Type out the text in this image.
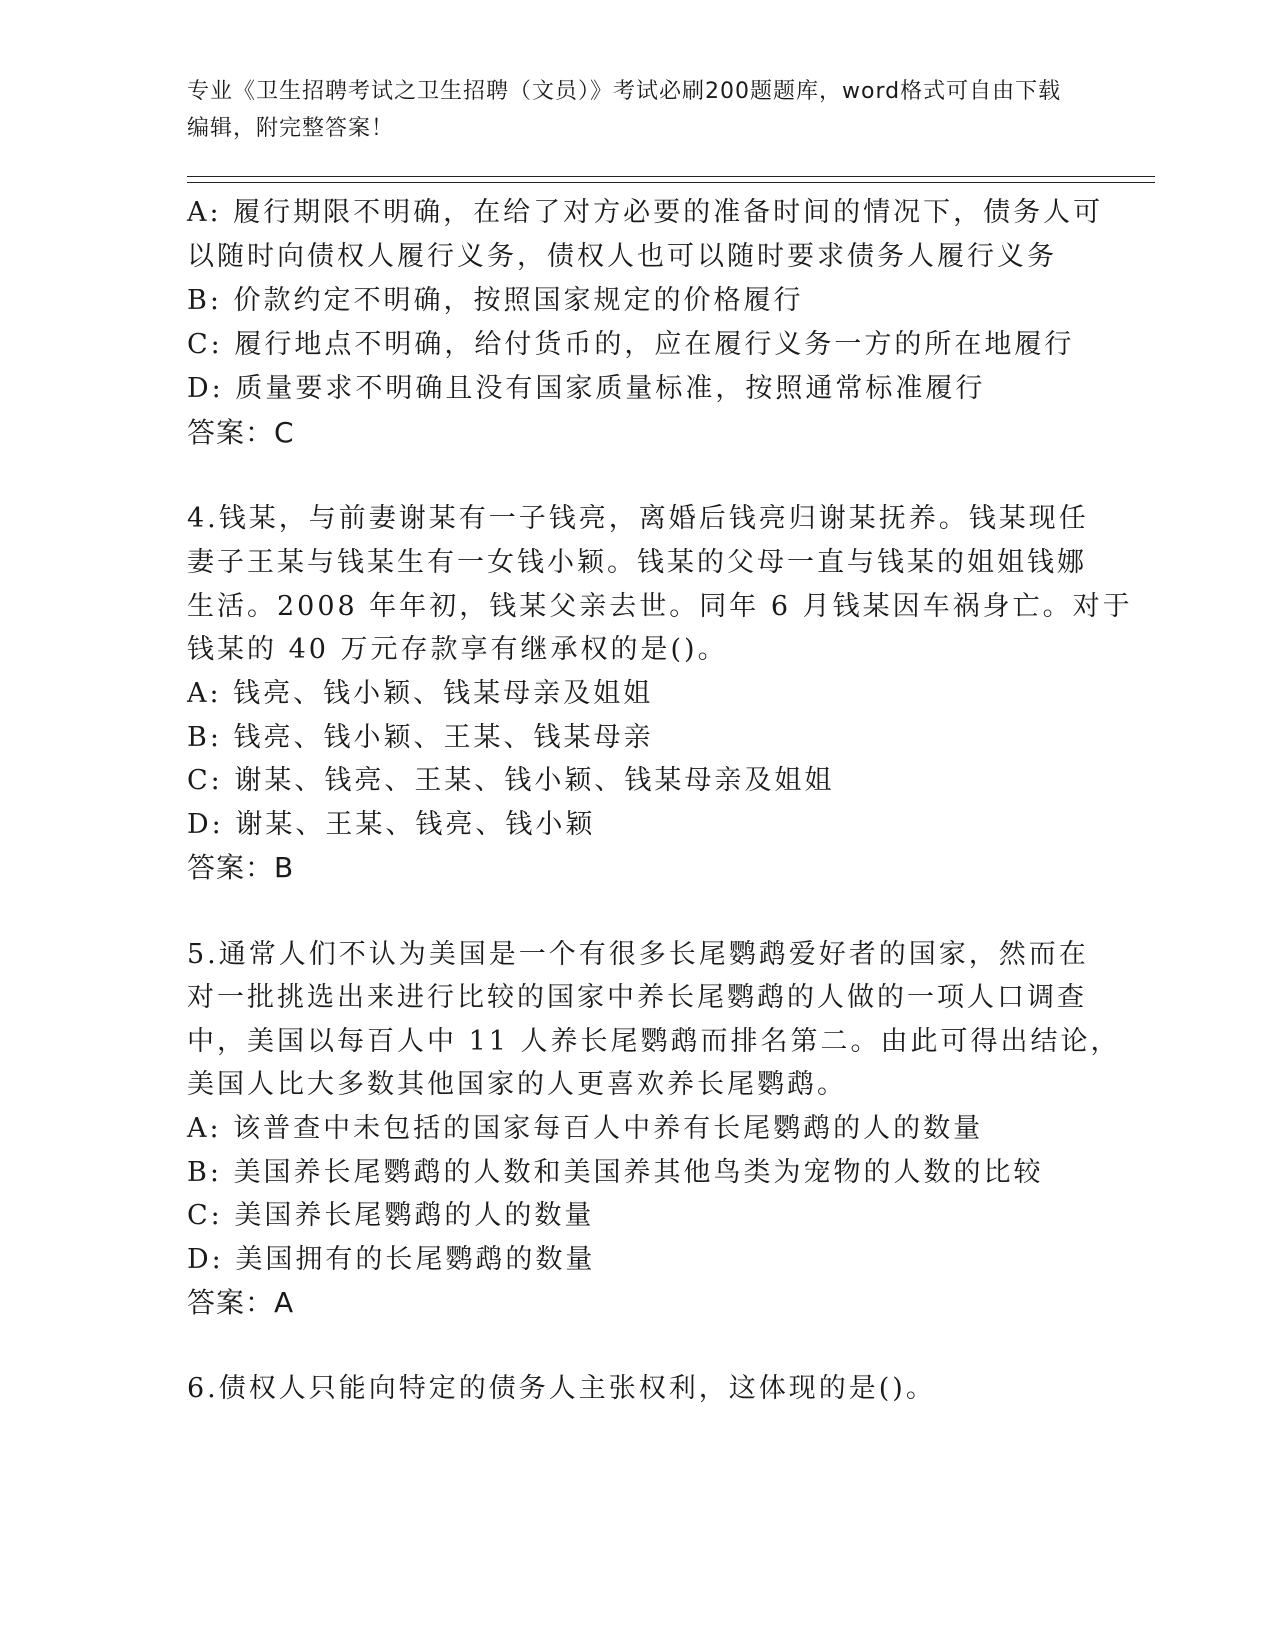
专业《卫生招聘考试之卫生招聘（文员）》考试必刷200题题库，word格式可自由下载编辑，附完整答案！
A: 履行期限不明确，在给了对方必要的准备时间的情况下，债务人可
以随时向债权人履行义务，债权人也可以随时要求债务人履行义务
B: 价款约定不明确，按照国家规定的价格履行
C: 履行地点不明确，给付货币的，应在履行义务一方的所在地履行
D: 质量要求不明确且没有国家质量标准，按照通常标准履行
答案：C
4.钱某，与前妻谢某有一子钱亮，离婚后钱亮归谢某抚养。钱某现任
妻子王某与钱某生有一女钱小颖。钱某的父母一直与钱某的姐姐钱娜
生活。2008 年年初，钱某父亲去世。同年 6 月钱某因车祸身亡。对于
钱某的 40 万元存款享有继承权的是()。
A: 钱亮、钱小颖、钱某母亲及姐姐
B: 钱亮、钱小颖、王某、钱某母亲
C: 谢某、钱亮、王某、钱小颖、钱某母亲及姐姐
D: 谢某、王某、钱亮、钱小颖
答案：B
5.通常人们不认为美国是一个有很多长尾鹦鹉爱好者的国家，然而在
对一批挑选出来进行比较的国家中养长尾鹦鹉的人做的一项人口调查
中，美国以每百人中 11 人养长尾鹦鹉而排名第二。由此可得出结论，
美国人比大多数其他国家的人更喜欢养长尾鹦鹉。
A: 该普查中未包括的国家每百人中养有长尾鹦鹉的人的数量
B: 美国养长尾鹦鹉的人数和美国养其他鸟类为宠物的人数的比较
C: 美国养长尾鹦鹉的人的数量
D: 美国拥有的长尾鹦鹉的数量
答案：A
6.债权人只能向特定的债务人主张权利，这体现的是()。
